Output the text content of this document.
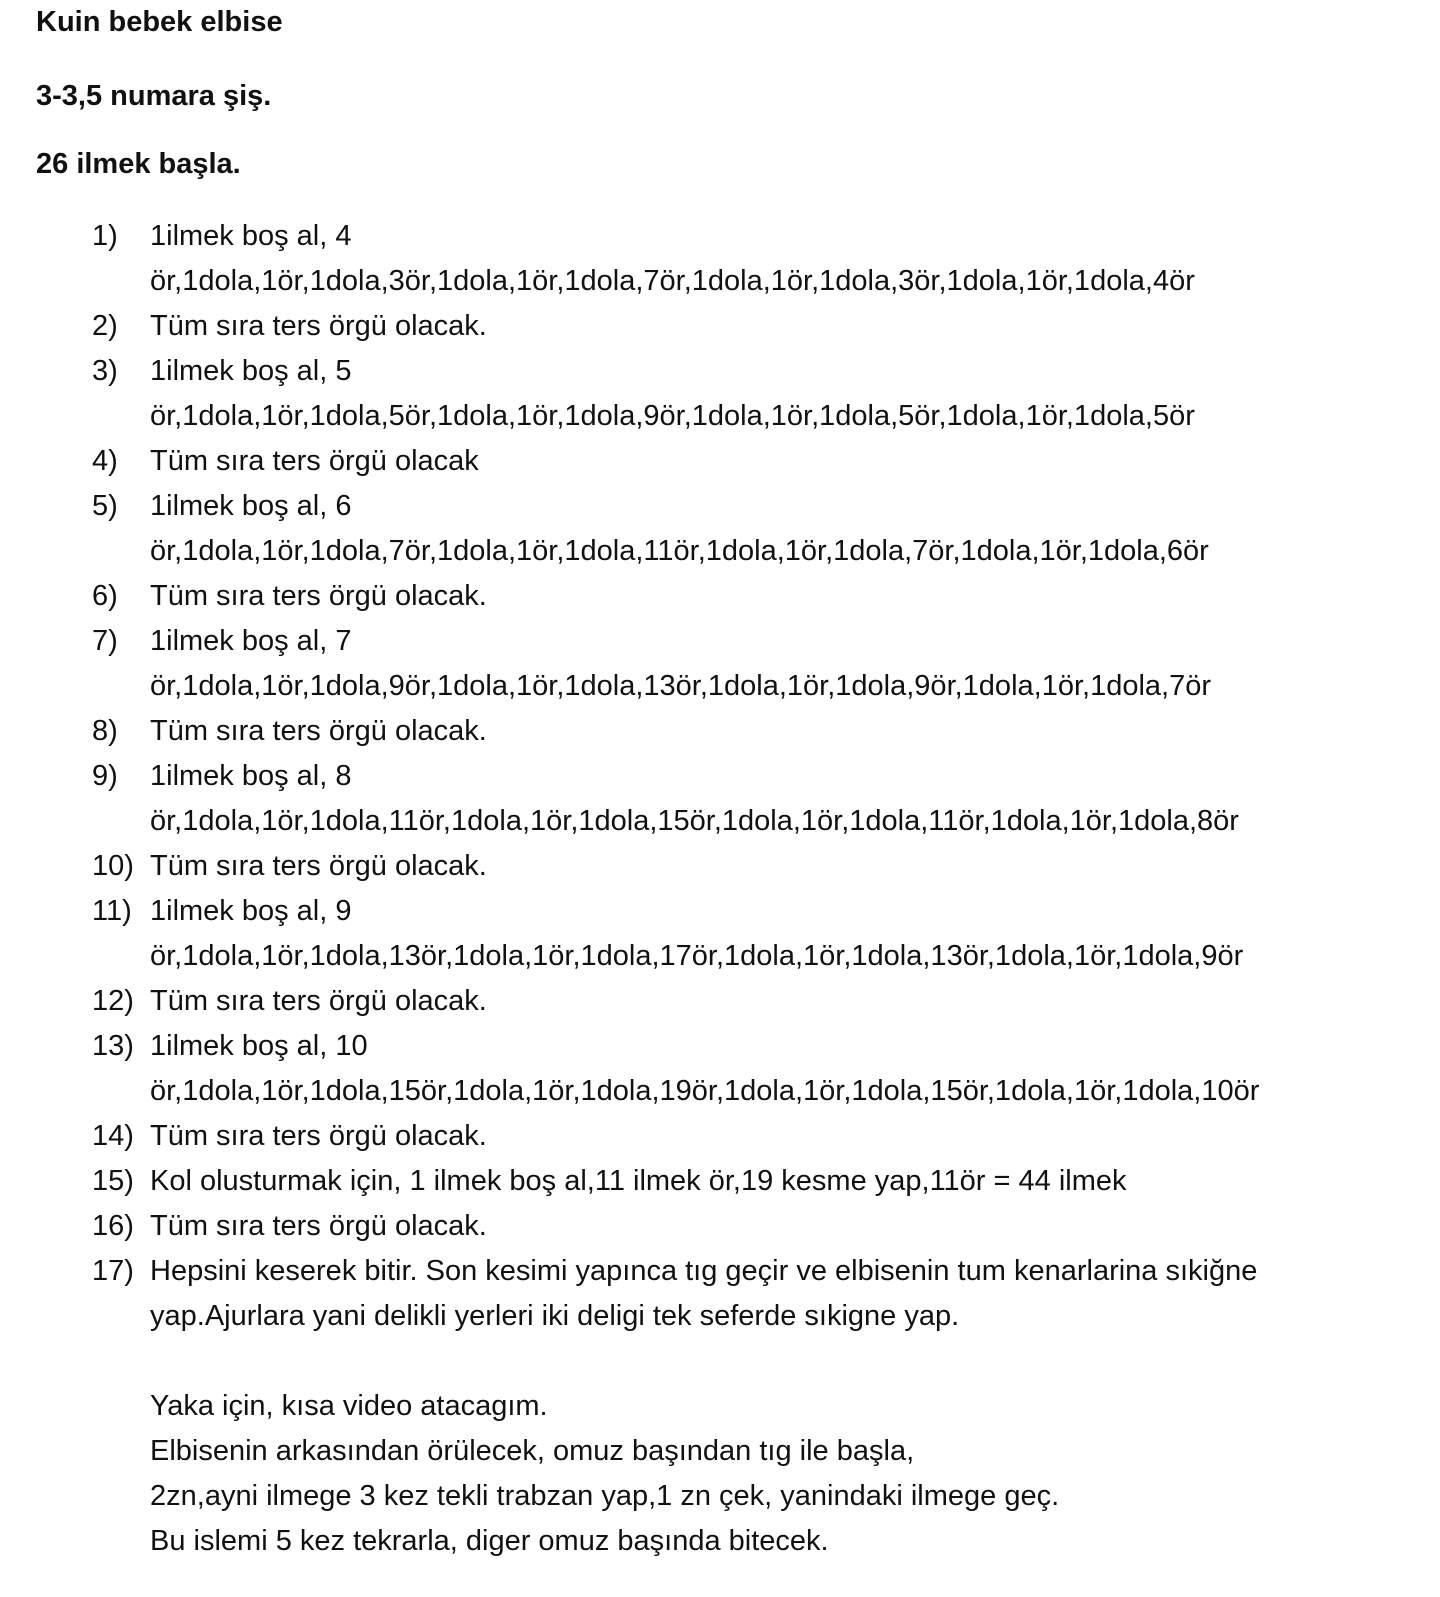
Kuin bebek elbise
3-3,5 numara şiş.
26 ilmek başla.
1) 1ilmek boş al, 4
ör,1dola,1ör,1dola,3ör,1dola,1ör,1dola,7ör,1dola,1ör,1dola,3ör,1dola,1ör,1dola,4ör
2) Tüm sıra ters örgü olacak.
3) 1ilmek boş al, 5
ör,1dola,1ör,1dola,5ör,1dola,1ör,1dola,9ör,1dola,1ör,1dola,5ör,1dola,1ör,1dola,5ör
4) Tüm sıra ters örgü olacak
5) 1ilmek boş al, 6
ör,1dola,1ör,1dola,7ör,1dola,1ör,1dola,11ör,1dola,1ör,1dola,7ör,1dola,1ör,1dola,6ör
6) Tüm sıra ters örgü olacak.
7) 1ilmek boş al, 7
ör,1dola,1ör,1dola,9ör,1dola,1ör,1dola,13ör,1dola,1ör,1dola,9ör,1dola,1ör,1dola,7ör
8) Tüm sıra ters örgü olacak.
9) 1ilmek boş al, 8
ör,1dola,1ör,1dola,11ör,1dola,1ör,1dola,15ör,1dola,1ör,1dola,11ör,1dola,1ör,1dola,8ör
10) Tüm sıra ters örgü olacak.
11) 1ilmek boş al, 9
ör,1dola,1ör,1dola,13ör,1dola,1ör,1dola,17ör,1dola,1ör,1dola,13ör,1dola,1ör,1dola,9ör
12) Tüm sıra ters örgü olacak.
13) 1ilmek boş al, 10
ör,1dola,1ör,1dola,15ör,1dola,1ör,1dola,19ör,1dola,1ör,1dola,15ör,1dola,1ör,1dola,10ör
14) Tüm sıra ters örgü olacak.
15) Kol olusturmak için, 1 ilmek boş al,11 ilmek ör,19 kesme yap,11ör = 44 ilmek
16) Tüm sıra ters örgü olacak.
17) Hepsini keserek bitir. Son kesimi yapınca tıg geçir ve elbisenin tum kenarlarina sıkiğne
yap.Ajurlara yani delikli yerleri iki deligi tek seferde sıkigne yap.
Yaka için, kısa video atacagım.
Elbisenin arkasından örülecek, omuz başından tıg ile başla,
2zn,ayni ilmege 3 kez tekli trabzan yap,1 zn çek, yanindaki ilmege geç.
Bu islemi 5 kez tekrarla, diger omuz başında bitecek.
